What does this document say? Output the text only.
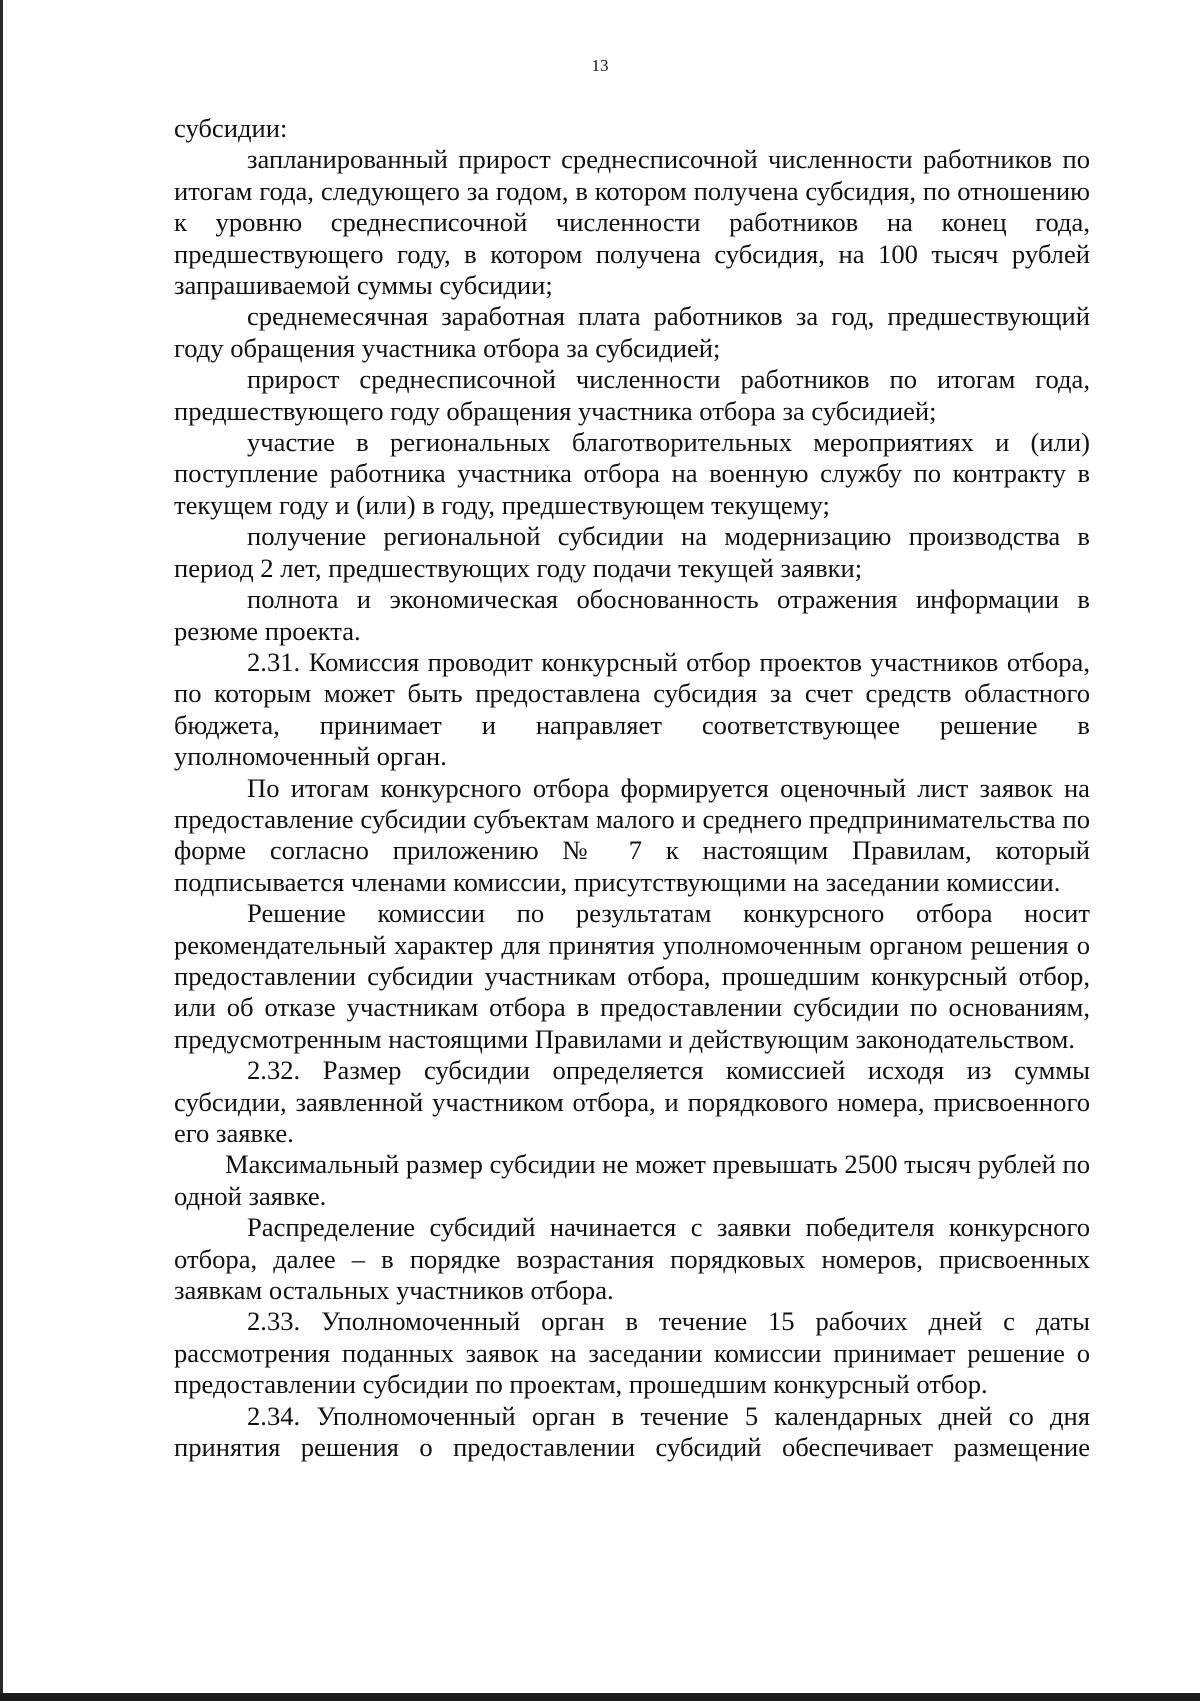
13

субсидии:

запланированный прирост среднесписочной численности работников по итогам года, следующего за годом, в котором получена субсидия, по отношению к уровню среднесписочной численности работников на конец года, предшествующего году, в котором получена субсидия, на 100 тысяч рублей запрашиваемой суммы субсидии;

среднемесячная заработная плата работников за год, предшествующий году обращения участника отбора за субсидией;

прирост среднесписочной численности работников по итогам года, предшествующего году обращения участника отбора за субсидией;

участие в региональных благотворительных мероприятиях и (или) поступление работника участника отбора на военную службу по контракту в текущем году и (или) в году, предшествующем текущему;

получение региональной субсидии на модернизацию производства в период 2 лет, предшествующих году подачи текущей заявки;

полнота и экономическая обоснованность отражения информации в резюме проекта.

2.31. Комиссия проводит конкурсный отбор проектов участников отбора, по которым может быть предоставлена субсидия за счет средств областного бюджета, принимает и направляет соответствующее решение в уполномоченный орган.

По итогам конкурсного отбора формируется оценочный лист заявок на предоставление субсидии субъектам малого и среднего предпринимательства по форме согласно приложению № 7 к настоящим Правилам, который подписывается членами комиссии, присутствующими на заседании комиссии.

Решение комиссии по результатам конкурсного отбора носит рекомендательный характер для принятия уполномоченным органом решения о предоставлении субсидии участникам отбора, прошедшим конкурсный отбор, или об отказе участникам отбора в предоставлении субсидии по основаниям, предусмотренным настоящими Правилами и действующим законодательством.

2.32. Размер субсидии определяется комиссией исходя из суммы субсидии, заявленной участником отбора, и порядкового номера, присвоенного его заявке.

Максимальный размер субсидии не может превышать 2500 тысяч рублей по одной заявке.

Распределение субсидий начинается с заявки победителя конкурсного отбора, далее – в порядке возрастания порядковых номеров, присвоенных заявкам остальных участников отбора.

2.33. Уполномоченный орган в течение 15 рабочих дней с даты рассмотрения поданных заявок на заседании комиссии принимает решение о предоставлении субсидии по проектам, прошедшим конкурсный отбор.

2.34. Уполномоченный орган в течение 5 календарных дней со дня принятия решения о предоставлении субсидий обеспечивает размещение
